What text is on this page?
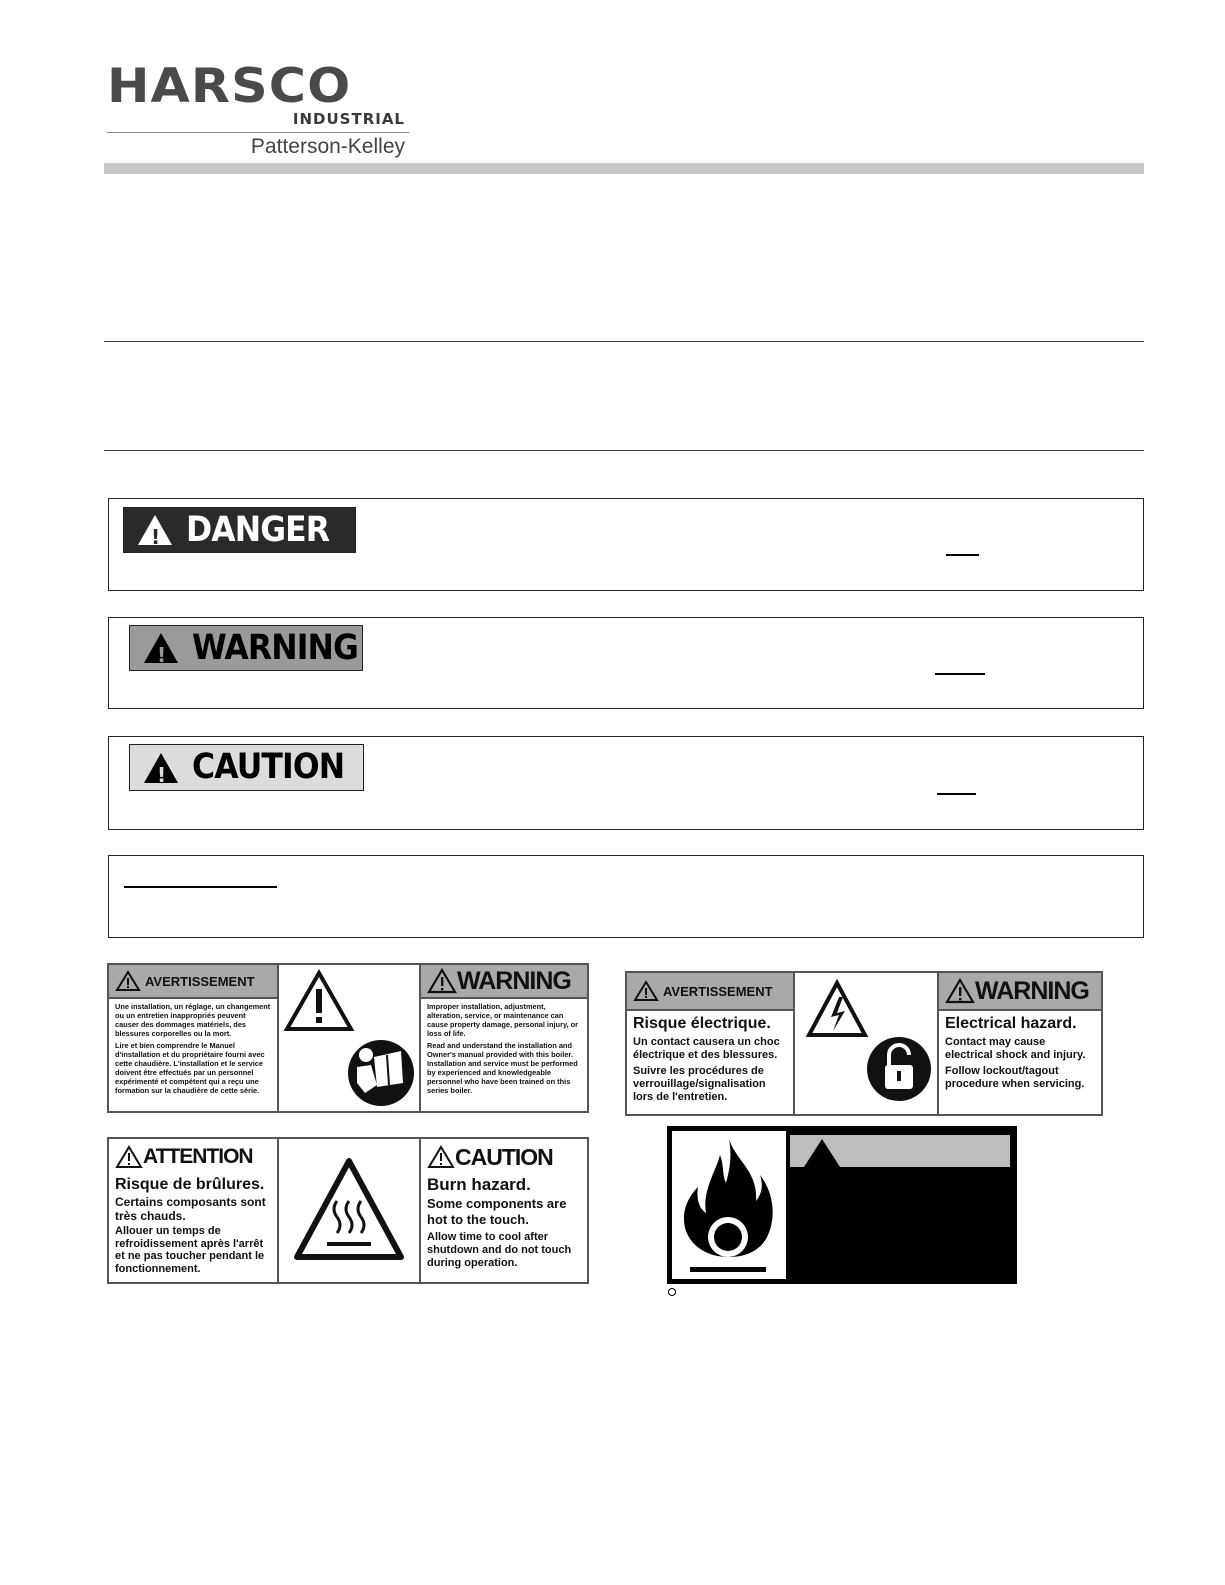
HARSCO
INDUSTRIAL
Patterson-Kelley
!
DANGER
!
WARNING
!
CAUTION
AVERTISSEMENT
Une installation, un réglage, un changement ou un entretien inappropriés peuvent causer des dommages matériels, des blessures corporelles ou la mort.
Lire et bien comprendre le Manuel d'installation et du propriétaire fourni avec cette chaudière. L'installation et le service doivent être effectués par un personnel expérimenté et compétent qui a reçu une formation sur la chaudière de cette série.
WARNING
Improper installation, adjustment, alteration, service, or maintenance can cause property damage, personal injury, or loss of life.
Read and understand the installation and Owner's manual provided with this boiler. Installation and service must be performed by experienced and knowledgeable personnel who have been trained on this series boiler.
AVERTISSEMENT
Risque électrique.
Un contact causera un choc électrique et des blessures.
Suivre les procédures de verrouillage/signalisation lors de l'entretien.
WARNING
Electrical hazard.
Contact may cause electrical shock and injury.
Follow lockout/tagout procedure when servicing.
ATTENTION
Risque de brûlures.
Certains composants sont très chauds.
Allouer un temps de refroidissement après l'arrêt et ne pas toucher pendant le fonctionnement.
CAUTION
Burn hazard.
Some components are hot to the touch.
Allow time to cool after shutdown and do not touch during operation.
